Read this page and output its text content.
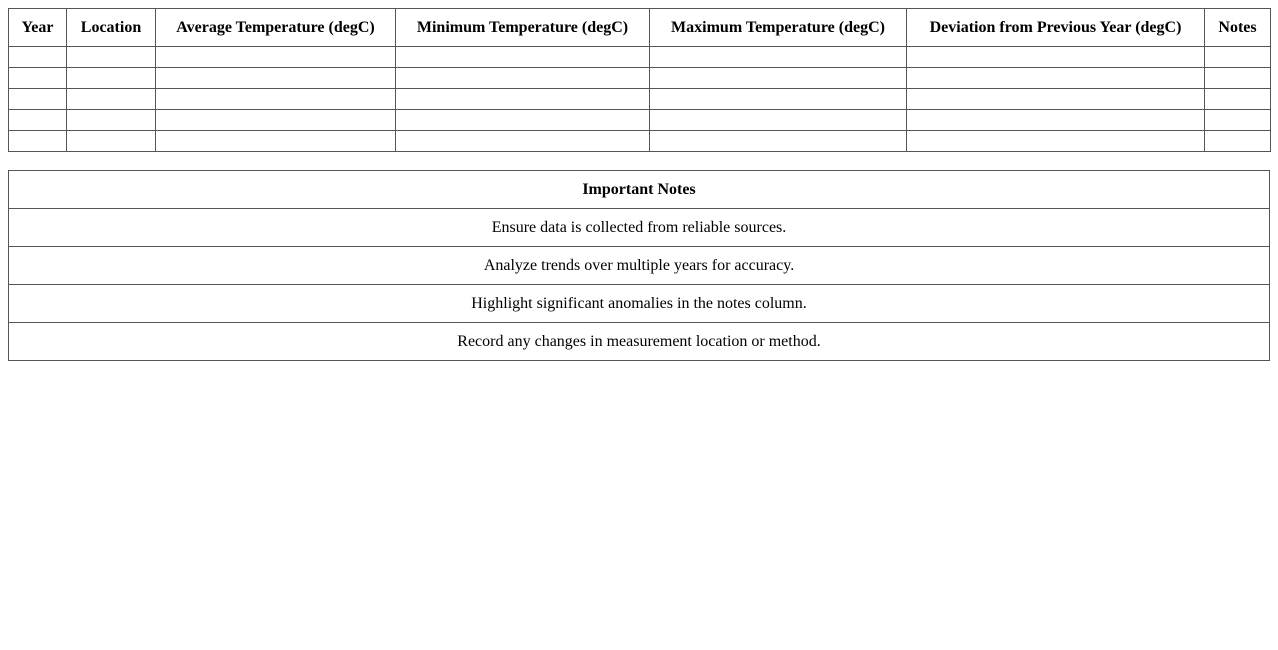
Year	Location	Average Temperature (degC)	Minimum Temperature (degC)	Maximum Temperature (degC)	Deviation from Previous Year (degC)	Notes

Important Notes
Ensure data is collected from reliable sources.
Analyze trends over multiple years for accuracy.
Highlight significant anomalies in the notes column.
Record any changes in measurement location or method.
